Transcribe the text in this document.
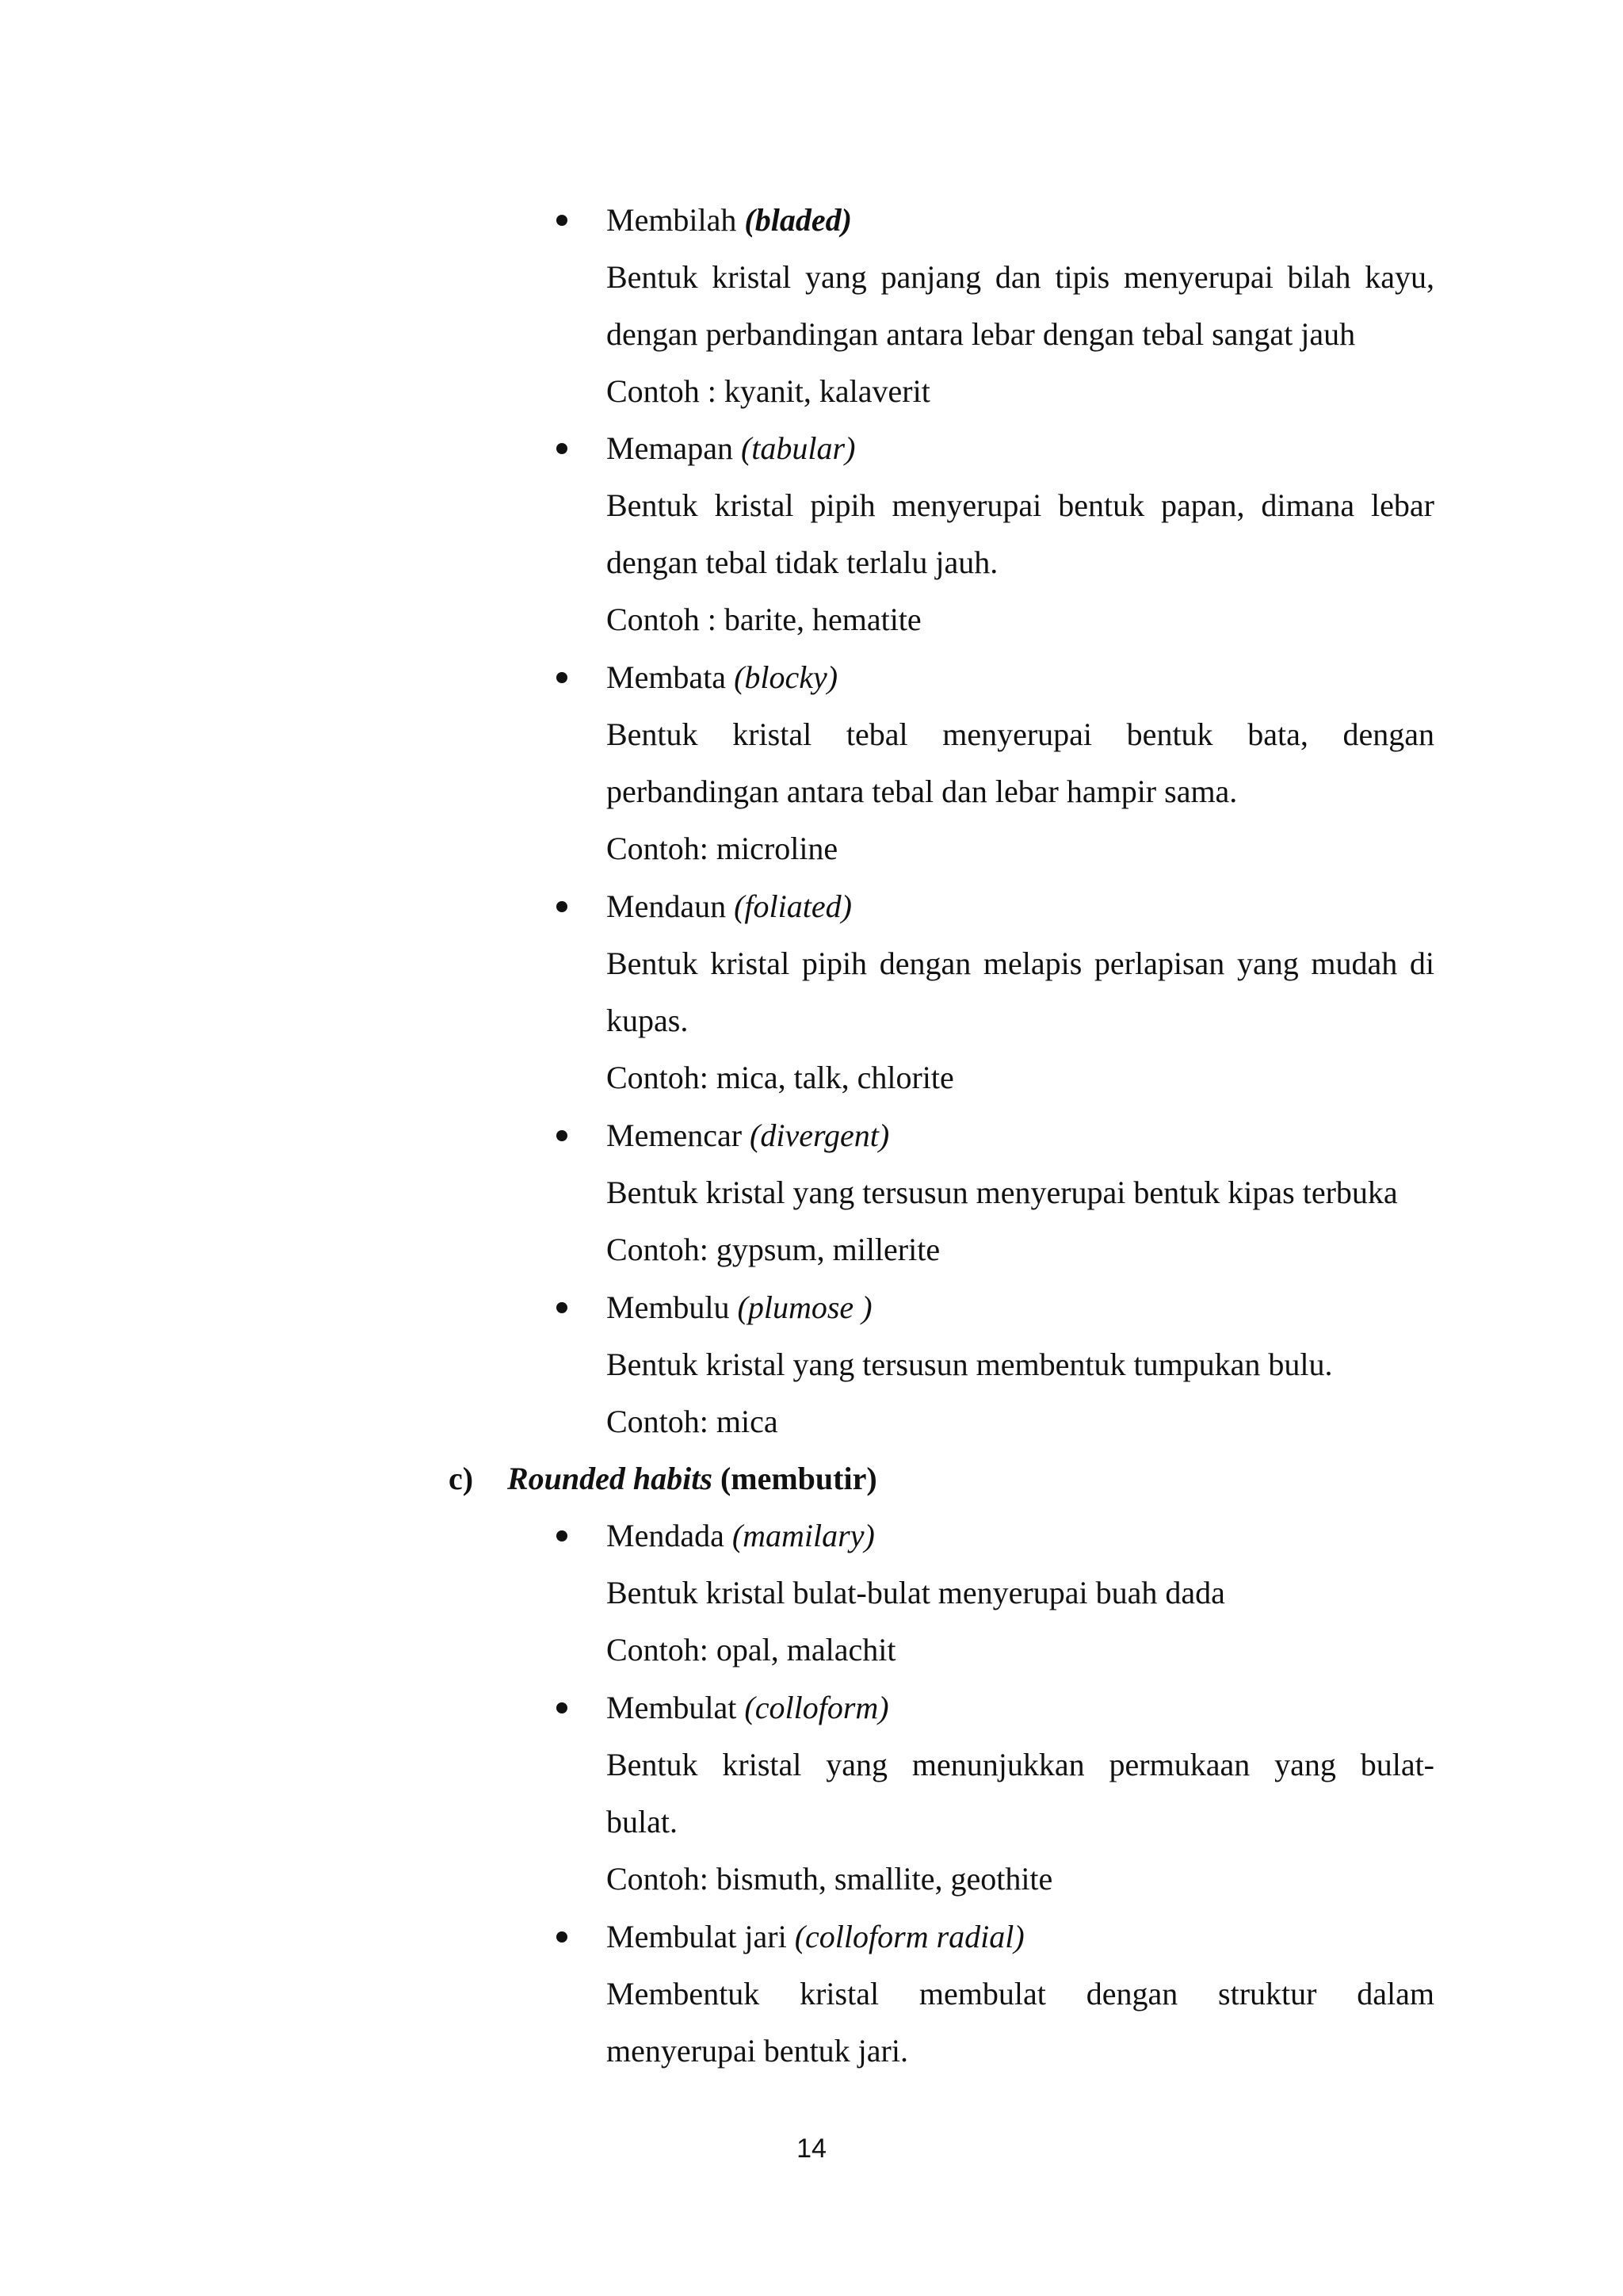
Membilah (bladed)
Bentuk kristal yang panjang dan tipis menyerupai bilah kayu,
dengan perbandingan antara lebar dengan tebal sangat jauh
Contoh : kyanit, kalaverit
Memapan (tabular)
Bentuk kristal pipih menyerupai bentuk papan, dimana lebar
dengan tebal tidak terlalu jauh.
Contoh : barite, hematite
Membata (blocky)
Bentuk kristal tebal menyerupai bentuk bata, dengan
perbandingan antara tebal dan lebar hampir sama.
Contoh: microline
Mendaun (foliated)
Bentuk kristal pipih dengan melapis perlapisan yang mudah di
kupas.
Contoh: mica, talk, chlorite
Memencar (divergent)
Bentuk kristal yang tersusun menyerupai bentuk kipas terbuka
Contoh: gypsum, millerite
Membulu (plumose )
Bentuk kristal yang tersusun membentuk tumpukan bulu.
Contoh: mica
c) Rounded habits (membutir)
Mendada (mamilary)
Bentuk kristal bulat-bulat menyerupai buah dada
Contoh: opal, malachit
Membulat (colloform)
Bentuk kristal yang menunjukkan permukaan yang bulat-
bulat.
Contoh: bismuth, smallite, geothite
Membulat jari (colloform radial)
Membentuk kristal membulat dengan struktur dalam
menyerupai bentuk jari.
14
